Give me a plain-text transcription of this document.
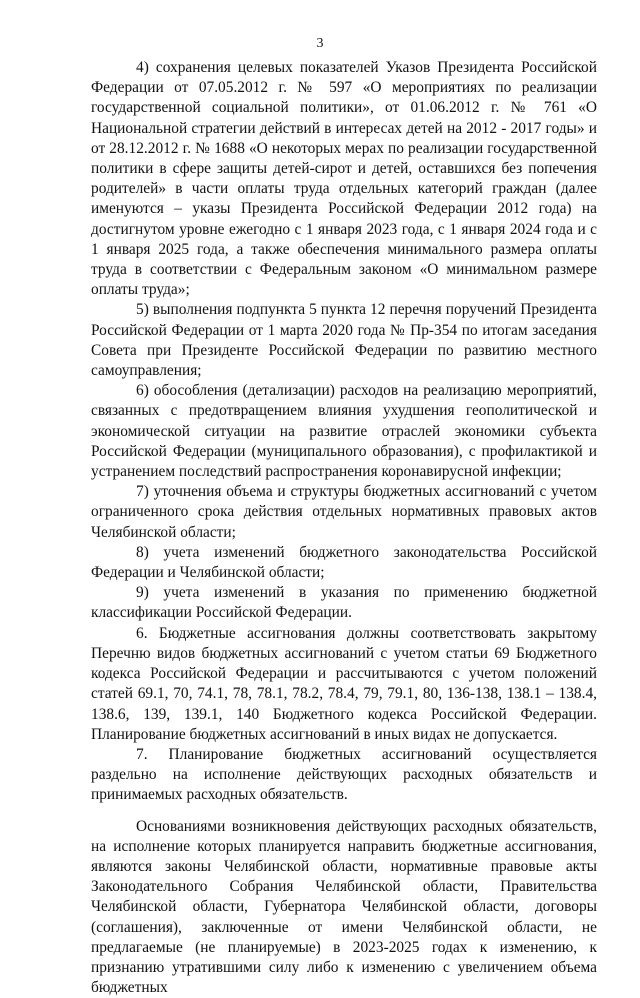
3

4) сохранения целевых показателей Указов Президента Российской Федерации от 07.05.2012 г. № 597 «О мероприятиях по реализации государственной социальной политики», от 01.06.2012 г. № 761 «О Национальной стратегии действий в интересах детей на 2012 - 2017 годы» и от 28.12.2012 г. № 1688 «О некоторых мерах по реализации государственной политики в сфере защиты детей-сирот и детей, оставшихся без попечения родителей» в части оплаты труда отдельных категорий граждан (далее именуются – указы Президента Российской Федерации 2012 года) на достигнутом уровне ежегодно с 1 января 2023 года, с 1 января 2024 года и с 1 января 2025 года, а также обеспечения минимального размера оплаты труда в соответствии с Федеральным законом «О минимальном размере оплаты труда»;

5) выполнения подпункта 5 пункта 12 перечня поручений Президента Российской Федерации от 1 марта 2020 года № Пр-354 по итогам заседания Совета при Президенте Российской Федерации по развитию местного самоуправления;

6) обособления (детализации) расходов на реализацию мероприятий, связанных с предотвращением влияния ухудшения геополитической и экономической ситуации на развитие отраслей экономики субъекта Российской Федерации (муниципального образования), с профилактикой и устранением последствий распространения коронавирусной инфекции;

7) уточнения объема и структуры бюджетных ассигнований с учетом ограниченного срока действия отдельных нормативных правовых актов Челябинской области;

8) учета изменений бюджетного законодательства Российской Федерации и Челябинской области;

9) учета изменений в указания по применению бюджетной классификации Российской Федерации.

6. Бюджетные ассигнования должны соответствовать закрытому Перечню видов бюджетных ассигнований с учетом статьи 69 Бюджетного кодекса Российской Федерации и рассчитываются с учетом положений статей 69.1, 70, 74.1, 78, 78.1, 78.2, 78.4, 79, 79.1, 80, 136-138, 138.1 – 138.4, 138.6, 139, 139.1, 140 Бюджетного кодекса Российской Федерации. Планирование бюджетных ассигнований в иных видах не допускается.

7. Планирование бюджетных ассигнований осуществляется раздельно на исполнение действующих расходных обязательств и принимаемых расходных обязательств.

Основаниями возникновения действующих расходных обязательств, на исполнение которых планируется направить бюджетные ассигнования, являются законы Челябинской области, нормативные правовые акты Законодательного Собрания Челябинской области, Правительства Челябинской области, Губернатора Челябинской области, договоры (соглашения), заключенные от имени Челябинской области, не предлагаемые (не планируемые) в 2023-2025 годах к изменению, к признанию утратившими силу либо к изменению с увеличением объема бюджетных
